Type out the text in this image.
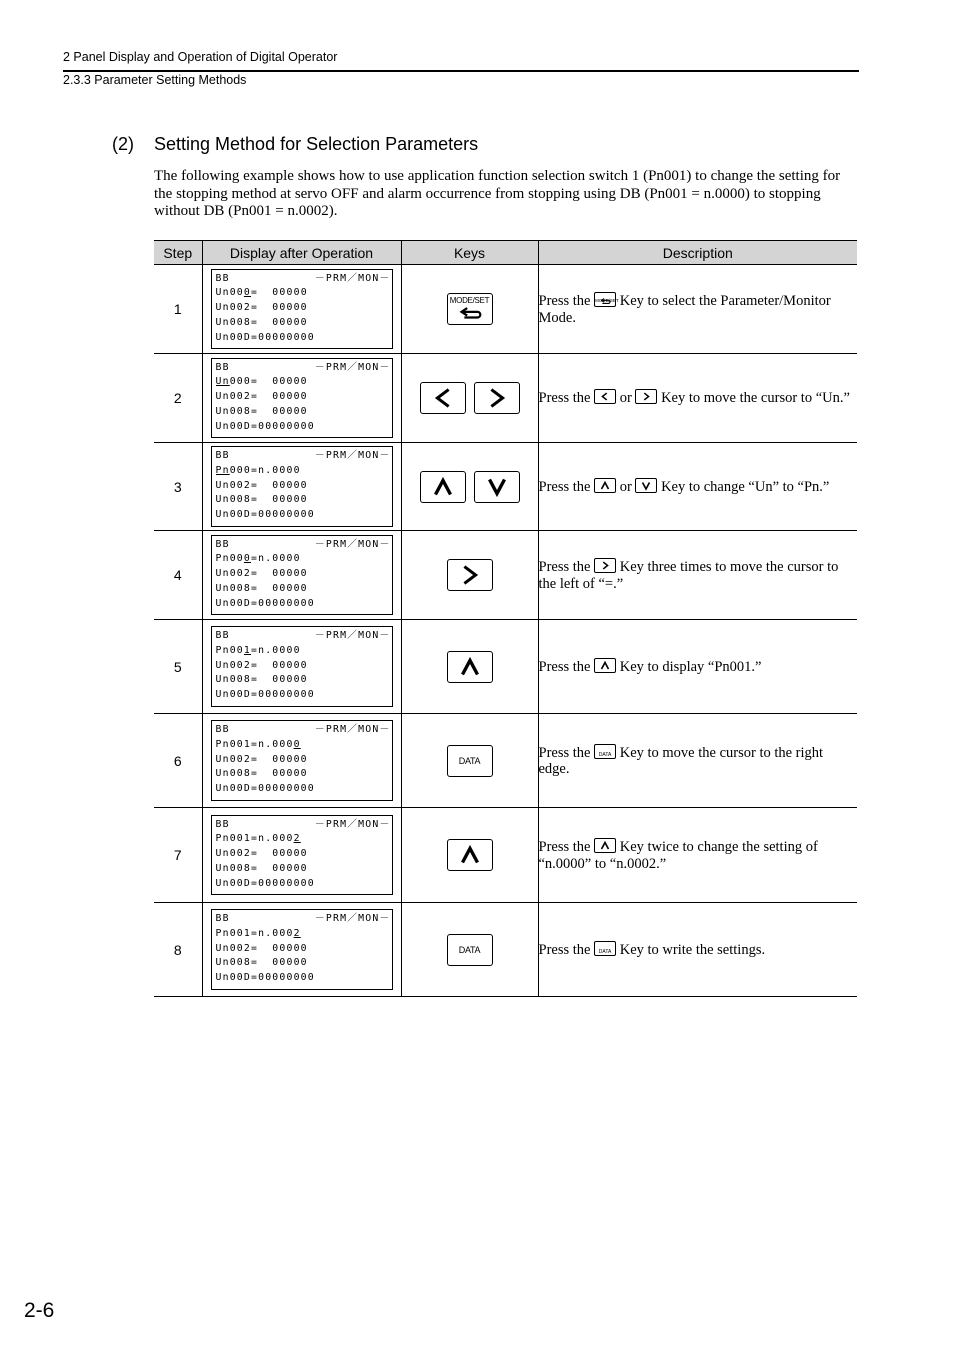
2 Panel Display and Operation of Digital Operator
2.3.3 Parameter Setting Methods
(2) Setting Method for Selection Parameters
The following example shows how to use application function selection switch 1 (Pn001) to change the setting for the stopping method at servo OFF and alarm occurrence from stopping using DB (Pn001 = n.0000) to stopping without DB (Pn001 = n.0002).
Step	Display after Operation	Keys	Description
1	BB            －PRM／MON－
Un000=  00000
Un002=  00000
Un008=  00000
Un00D=00000000	MODE/SET	Press the MODE/SET
Key to select the Parameter/Monitor Mode.
2	BB            －PRM／MON－
Un000=  00000
Un002=  00000
Un008=  00000
Un00D=00000000		Press the
or
Key to move the cursor to “Un.”
3	BB            －PRM／MON－
Pn000=n.0000
Un002=  00000
Un008=  00000
Un00D=00000000		Press the
or
Key to change “Un” to “Pn.”
4	BB            －PRM／MON－
Pn000=n.0000
Un002=  00000
Un008=  00000
Un00D=00000000		Press the
Key three times to move the cursor to the left of “=.”
5	BB            －PRM／MON－
Pn001=n.0000
Un002=  00000
Un008=  00000
Un00D=00000000		Press the
Key to display “Pn001.”
6	BB            －PRM／MON－
Pn001=n.0000
Un002=  00000
Un008=  00000
Un00D=00000000	DATA	Press the DATA Key to move the cursor to the right edge.
7	BB            －PRM／MON－
Pn001=n.0002
Un002=  00000
Un008=  00000
Un00D=00000000		Press the
Key twice to change the setting of “n.0000” to “n.0002.”
8	BB            －PRM／MON－
Pn001=n.0002
Un002=  00000
Un008=  00000
Un00D=00000000	DATA	Press the DATA Key to write the settings.
2-6
